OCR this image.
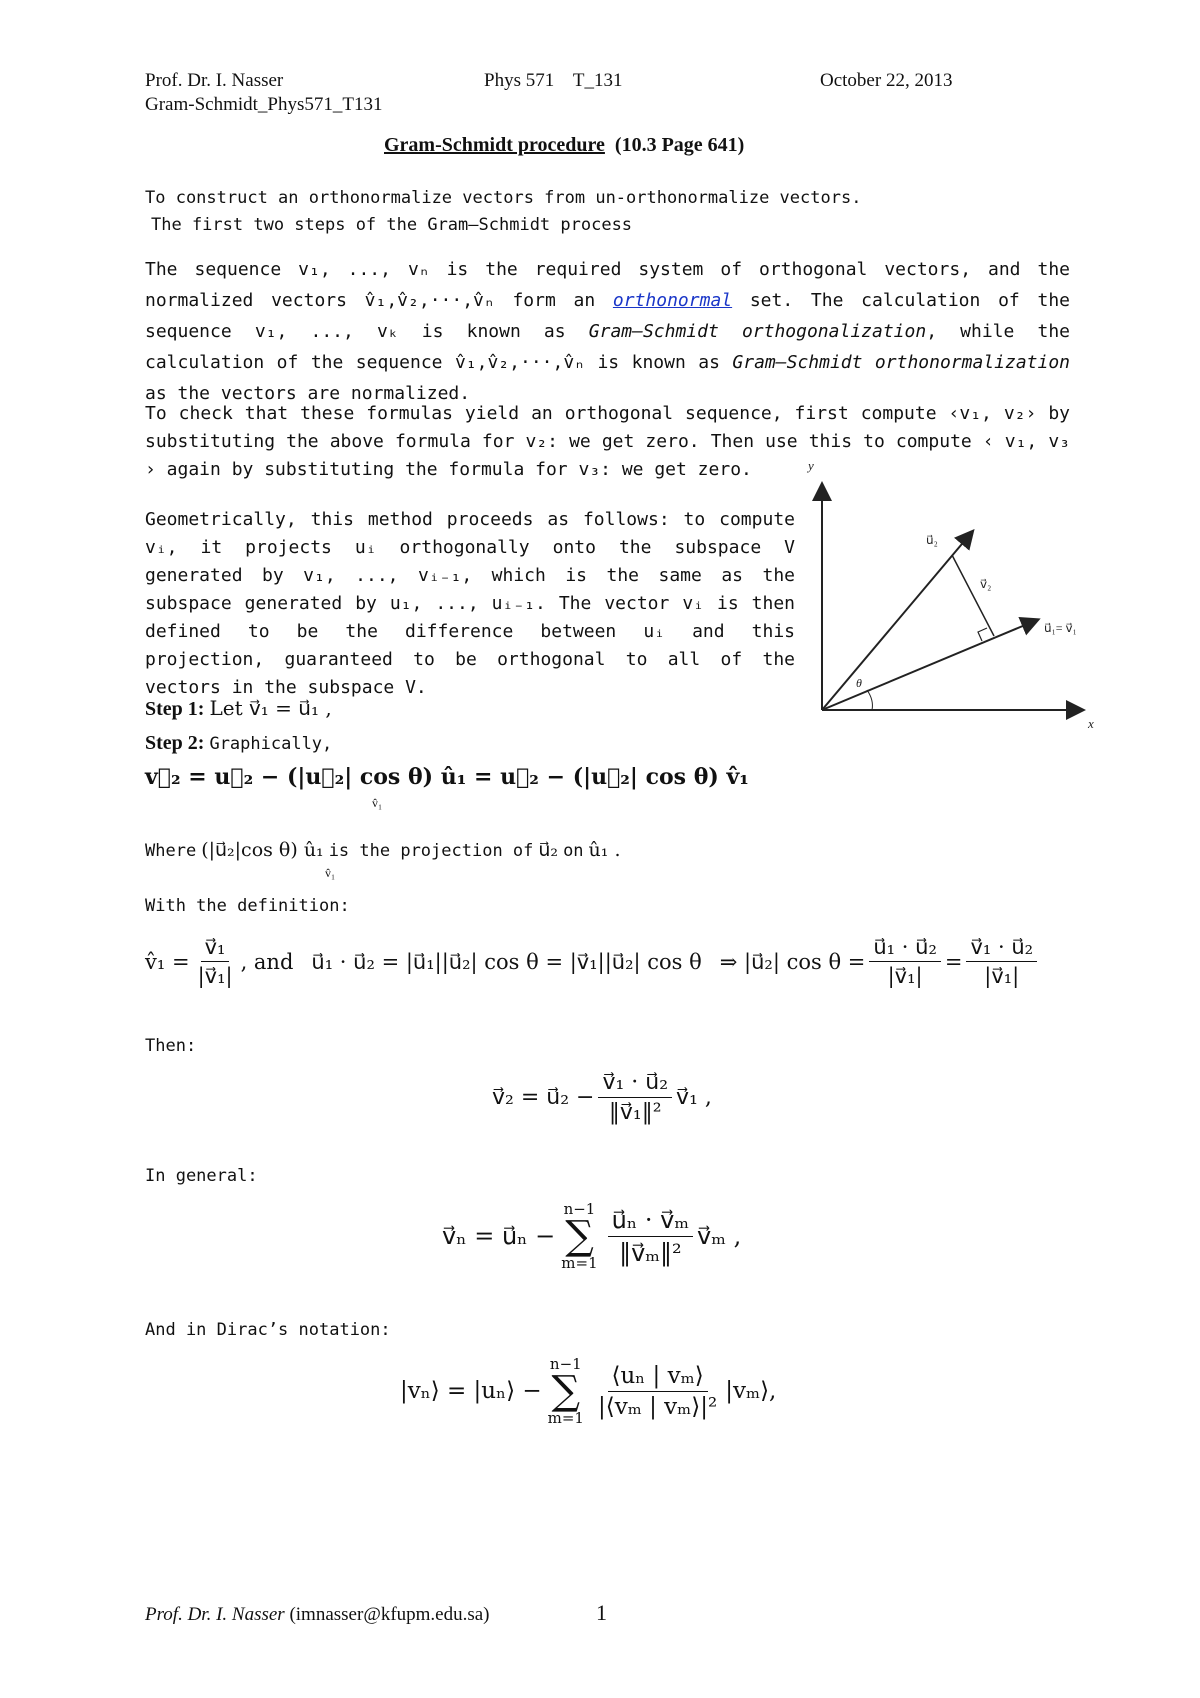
Prof. Dr. I. Nasser	Phys 571    T_131	October 22, 2013
Gram-Schmidt_Phys571_T131
Gram-Schmidt procedure (10.3 Page 641)
To construct an orthonormalize vectors from un-orthonormalize vectors.
The first two steps of the Gram–Schmidt process
The sequence v₁, ..., vₙ is the required system of orthogonal vectors, and the normalized vectors v̂₁,v̂₂,···,v̂ₙ form an orthonormal set. The calculation of the sequence v₁, ..., vₖ is known as Gram–Schmidt orthogonalization, while the calculation of the sequence v̂₁,v̂₂,···,v̂ₙ is known as Gram–Schmidt orthonormalization as the vectors are normalized.
To check that these formulas yield an orthogonal sequence, first compute ‹v₁, v₂› by substituting the above formula for v₂: we get zero. Then use this to compute ‹ v₁, v₃ › again by substituting the formula for v₃: we get zero.
Geometrically, this method proceeds as follows: to compute vᵢ, it projects uᵢ orthogonally onto the subspace V generated by v₁, ..., vᵢ₋₁, which is the same as the subspace generated by u₁, ..., uᵢ₋₁. The vector vᵢ is then defined to be the difference between uᵢ and this projection, guaranteed to be orthogonal to all of the vectors in the subspace V.
y
x
θ
u⃗₂
v⃗₂
u⃗₁= v⃗₁
Step 1: Let v⃗₁ = u⃗₁ ,
Step 2: Graphically,
v⃗₂ = u⃗₂ − (|u⃗₂| cos θ) û₁ = u⃗₂ − (|u⃗₂| cos θ) v̂₁
v̂₁
Where (|u⃗₂|cos θ) û₁ is the projection of u⃗₂ on û₁ .
v̂₁
With the definition:
v̂₁ = $\frac{\text{v⃗₁}}{\text{|v⃗₁|}}$ , and u⃗₁ · u⃗₂ = |u⃗₁||u⃗₂| cos θ = |v⃗₁||u⃗₂| cos θ ⇒ |u⃗₂| $\cos \theta = \frac{\text{u⃗₁ · u⃗₂}}{\text{|v⃗₁|}} = \frac{\text{v⃗₁ · u⃗₂}}{\text{|v⃗₁|}}$
Then:
v⃗₂ = u⃗₂ − $\frac{\text{v⃗₁ · u⃗₂}}{\text{‖v⃗₁‖²}}$ v⃗₁ ,
In general:
v⃗ₙ = u⃗ₙ −
n−1
∑
$m=1 \frac{\text{u⃗ₙ · v⃗ₘ}}{\text{‖v⃗ₘ‖²}}$ v⃗ₘ ,
And in Dirac’s notation:
|vₙ⟩ = |uₙ⟩ −
n−1
∑
$m=1 \frac{\text{⟨uₙ | vₘ⟩}}{\text{|⟨vₘ | vₘ⟩|²}}$ |vₘ⟩,
Prof. Dr. I. Nasser (imnasser@kfupm.edu.sa)	1
